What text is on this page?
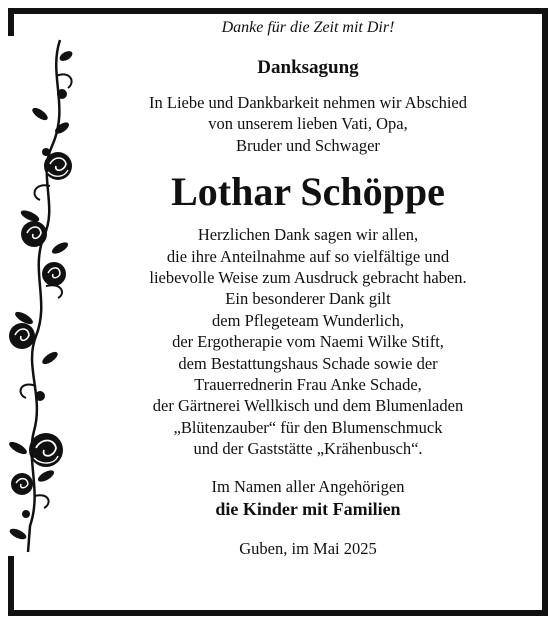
Danke für die Zeit mit Dir!

Danksagung

In Liebe und Dankbarkeit nehmen wir Abschied
von unserem lieben Vati, Opa,
Bruder und Schwager

Lothar Schöppe

Herzlichen Dank sagen wir allen,
die ihre Anteilnahme auf so vielfältige und
liebevolle Weise zum Ausdruck gebracht haben.
Ein besonderer Dank gilt
dem Pflegeteam Wunderlich,
der Ergotherapie vom Naemi Wilke Stift,
dem Bestattungshaus Schade sowie der
Trauerrednerin Frau Anke Schade,
der Gärtnerei Wellkisch und dem Blumenladen
„Blütenzauber“ für den Blumenschmuck
und der Gaststätte „Krähenbusch“.

Im Namen aller Angehörigen

die Kinder mit Familien

Guben, im Mai 2025
